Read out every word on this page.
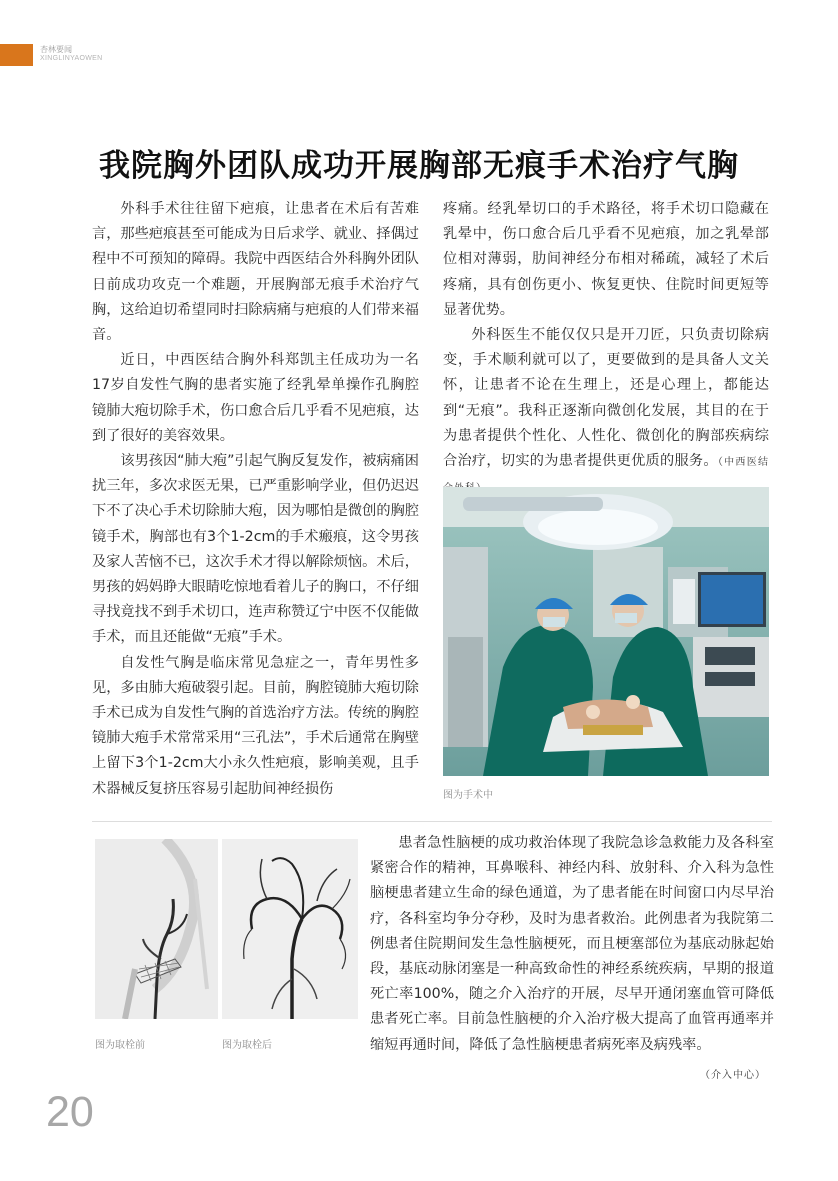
杏林要闻
XINGLINYAOWEN
我院胸外团队成功开展胸部无痕手术治疗气胸

外科手术往往留下疤痕，让患者在术后有苦难言，那些疤痕甚至可能成为日后求学、就业、择偶过程中不可预知的障碍。我院中西医结合外科胸外团队日前成功攻克一个难题，开展胸部无痕手术治疗气胸，这给迫切希望同时扫除病痛与疤痕的人们带来福音。

近日，中西医结合胸外科郑凯主任成功为一名17岁自发性气胸的患者实施了经乳晕单操作孔胸腔镜肺大疱切除手术，伤口愈合后几乎看不见疤痕，达到了很好的美容效果。

该男孩因“肺大疱”引起气胸反复发作，被病痛困扰三年，多次求医无果，已严重影响学业，但仍迟迟下不了决心手术切除肺大疱，因为哪怕是微创的胸腔镜手术，胸部也有3个1-2cm的手术瘢痕，这令男孩及家人苦恼不已，这次手术才得以解除烦恼。术后，男孩的妈妈睁大眼睛吃惊地看着儿子的胸口，不仔细寻找竟找不到手术切口，连声称赞辽宁中医不仅能做手术，而且还能做“无痕”手术。

自发性气胸是临床常见急症之一，青年男性多见，多由肺大疱破裂引起。目前，胸腔镜肺大疱切除手术已成为自发性气胸的首选治疗方法。传统的胸腔镜肺大疱手术常常采用“三孔法”，手术后通常在胸壁上留下3个1-2cm大小永久性疤痕，影响美观，且手术器械反复挤压容易引起肋间神经损伤

疼痛。经乳晕切口的手术路径，将手术切口隐藏在乳晕中，伤口愈合后几乎看不见疤痕，加之乳晕部位相对薄弱，肋间神经分布相对稀疏，减轻了术后疼痛，具有创伤更小、恢复更快、住院时间更短等显著优势。

外科医生不能仅仅只是开刀匠，只负责切除病变，手术顺利就可以了，更要做到的是具备人文关怀，让患者不论在生理上，还是心理上，都能达到“无痕”。我科正逐渐向微创化发展，其目的在于为患者提供个性化、人性化、微创化的胸部疾病综合治疗，切实的为患者提供更优质的服务。（中西医结

图为手术中
图为取栓前	图为取栓后

患者急性脑梗的成功救治体现了我院急诊急救能力及各科室紧密合作的精神，耳鼻喉科、神经内科、放射科、介入科为急性脑梗患者建立生命的绿色通道，为了患者能在时间窗口内尽早治疗，各科室均争分夺秒，及时为患者救治。此例患者为我院第二例患者住院期间发生急性脑梗死，而且梗塞部位为基底动脉起始段，基底动脉闭塞是一种高致命性的神经系统疾病，早期的报道死亡率100%，随之介入治疗的开展，尽早开通闭塞血管可降低患者死亡率。目前急性脑梗的介入治疗极大提高了血管再通率并缩短再通时间，降低了急性脑梗患者病死率及病残率。

（介入中心）
20
